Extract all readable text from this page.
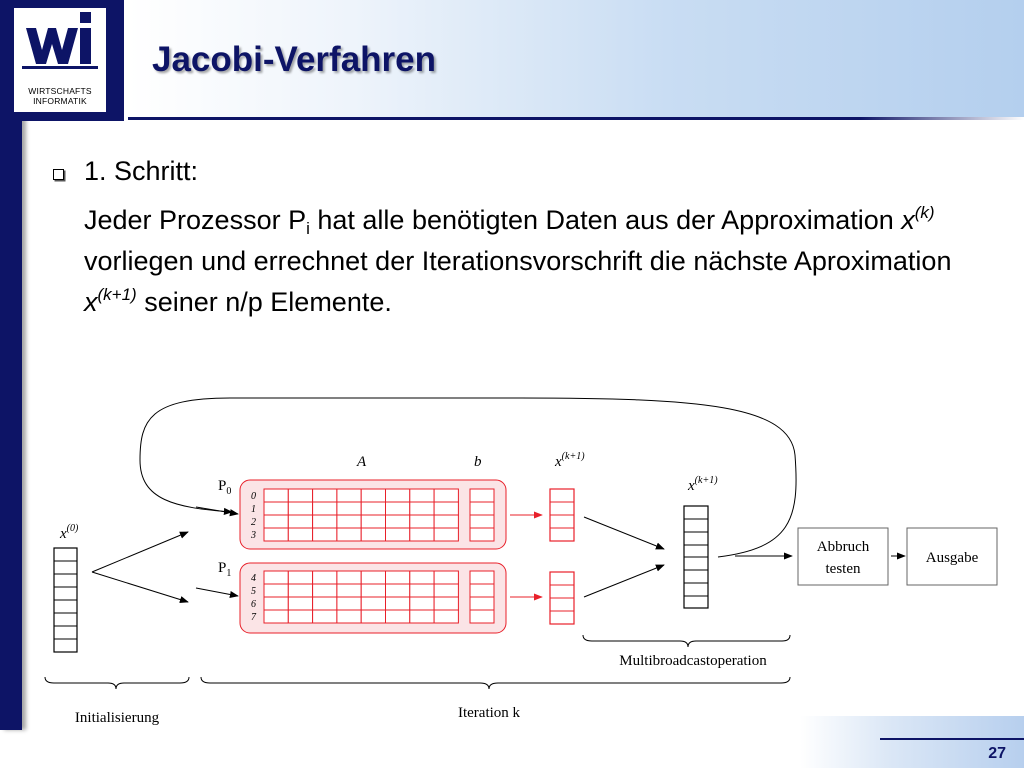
WIRTSCHAFTS
INFORMATIK
Jacobi-Verfahren

1. Schritt:

Jeder Prozessor $P_i$ hat alle benötigten Daten aus der Approximation $x^{(k)}$ vorliegen und errechnet der Iterationsvorschrift die nächste Aproximation $x^{(k+1)}$ seiner n/p Elemente.

$x^{(0)}$
$P_0$
$P_1$
A	b	$x^{(k+1)}$
0
1
2
3
4
5
6
7
$x^{(k+1)}$
Abbruch
testen
Ausgabe
Multibroadcastoperation
Initialisierung	Iteration k
27
